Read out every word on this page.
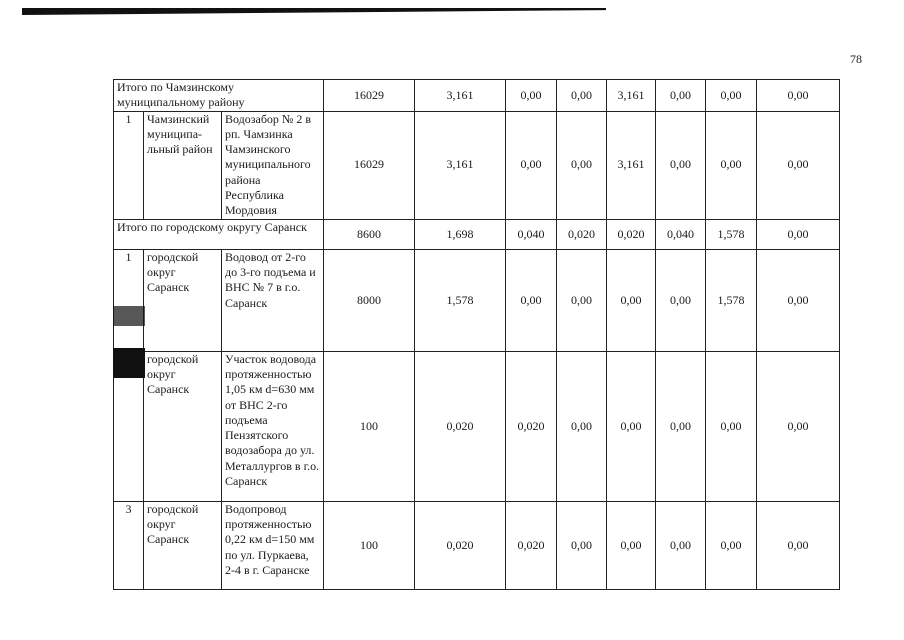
78
Итого по Чамзинскому муниципальному району			16029	3,161	0,00	0,00	3,161	0,00	0,00	0,00
1	Чамзинский муниципа-льный район	Водозабор № 2 в рп. Чамзинка Чамзинского муниципального района Республика Мордовия	16029	3,161	0,00	0,00	3,161	0,00	0,00	0,00
Итого по городскому округу Саранск			8600	1,698	0,040	0,020	0,020	0,040	1,578	0,00
1	городской округ Саранск	Водовод от 2-го до 3-го подъема и ВНС № 7 в г.о. Саранск	8000	1,578	0,00	0,00	0,00	0,00	1,578	0,00
	городской округ Саранск	Участок водовода протяженностью 1,05 км d=630 мм от ВНС 2-го подъема Пензятского водозабора до ул. Металлургов в г.о. Саранск	100	0,020	0,020	0,00	0,00	0,00	0,00	0,00
3	городской округ Саранск	Водопровод протяженностью 0,22 км d=150 мм по ул. Пуркаева, 2-4 в г. Саранске	100	0,020	0,020	0,00	0,00	0,00	0,00	0,00
